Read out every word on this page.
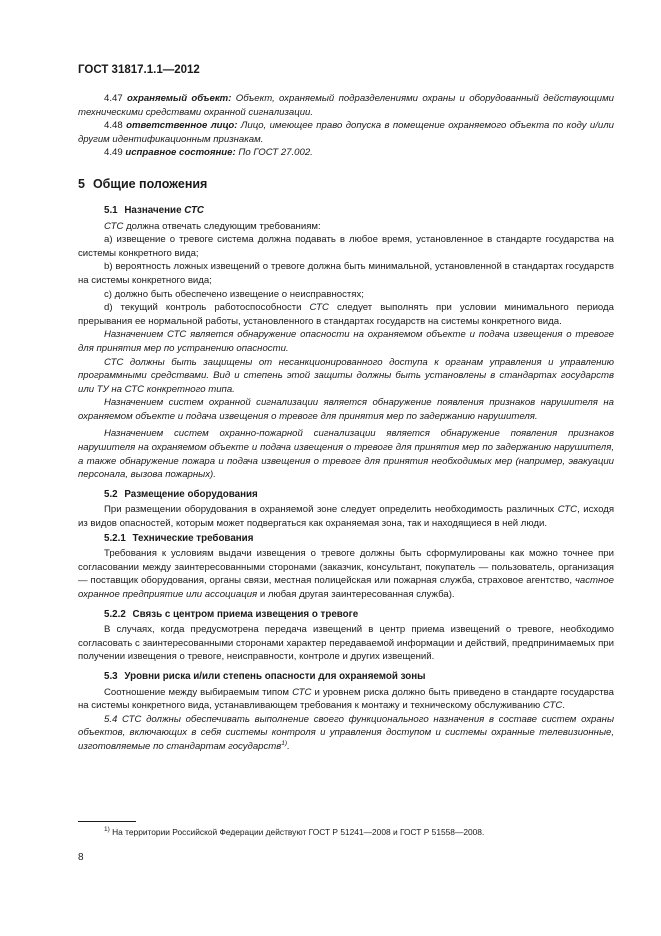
ГОСТ 31817.1.1—2012

4.47 охраняемый объект: Объект, охраняемый подразделениями охраны и оборудованный действующими техническими средствами охранной сигнализации.

4.48 ответственное лицо: Лицо, имеющее право допуска в помещение охраняемого объекта по коду и/или другим идентификационным признакам.

4.49 исправное состояние: По ГОСТ 27.002.

5 Общие положения
5.1 Назначение СТС

СТС должна отвечать следующим требованиям:

а) извещение о тревоге система должна подавать в любое время, установленное в стандарте государства на системы конкретного вида;

b) вероятность ложных извещений о тревоге должна быть минимальной, установленной в стандартах государств на системы конкретного вида;

c) должно быть обеспечено извещение о неисправностях;

d) текущий контроль работоспособности СТС следует выполнять при условии минимального периода прерывания ее нормальной работы, установленного в стандартах государств на системы конкретного вида.

Назначением СТС является обнаружение опасности на охраняемом объекте и подача извещения о тревоге для принятия мер по устранению опасности.

СТС должны быть защищены от несанкционированного доступа к органам управления и управлению программными средствами. Вид и степень этой защиты должны быть установлены в стандартах государств или ТУ на СТС конкретного типа.

Назначением систем охранной сигнализации является обнаружение появления признаков нарушителя на охраняемом объекте и подача извещения о тревоге для принятия мер по задержанию нарушителя.

Назначением систем охранно-пожарной сигнализации является обнаружение появления признаков нарушителя на охраняемом объекте и подача извещения о тревоге для принятия мер по задержанию нарушителя, а также обнаружение пожара и подача извещения о тревоге для принятия необходимых мер (например, эвакуации персонала, вызова пожарных).

5.2 Размещение оборудования

При размещении оборудования в охраняемой зоне следует определить необходимость различных СТС, исходя из видов опасностей, которым может подвергаться как охраняемая зона, так и находящиеся в ней люди.

5.2.1 Технические требования

Требования к условиям выдачи извещения о тревоге должны быть сформулированы как можно точнее при согласовании между заинтересованными сторонами (заказчик, консультант, покупатель — пользователь, организация — поставщик оборудования, органы связи, местная полицейская или пожарная служба, страховое агентство, частное охранное предприятие или ассоциация и любая другая заинтересованная служба).

5.2.2 Связь с центром приема извещения о тревоге

В случаях, когда предусмотрена передача извещений в центр приема извещений о тревоге, необходимо согласовать с заинтересованными сторонами характер передаваемой информации и действий, предпринимаемых при получении извещения о тревоге, неисправности, контроле и других извещений.

5.3 Уровни риска и/или степень опасности для охраняемой зоны

Соотношение между выбираемым типом СТС и уровнем риска должно быть приведено в стандарте государства на системы конкретного вида, устанавливающем требования к монтажу и техническому обслуживанию СТС.

5.4 СТС должны обеспечивать выполнение своего функционального назначения в составе систем охраны объектов, включающих в себя системы контроля и управления доступом и системы охранные телевизионные, изготовляемые по стандартам государств$^{1)}$.

$^{1)}$ На территории Российской Федерации действуют ГОСТ Р 51241—2008 и ГОСТ Р 51558—2008.
8
